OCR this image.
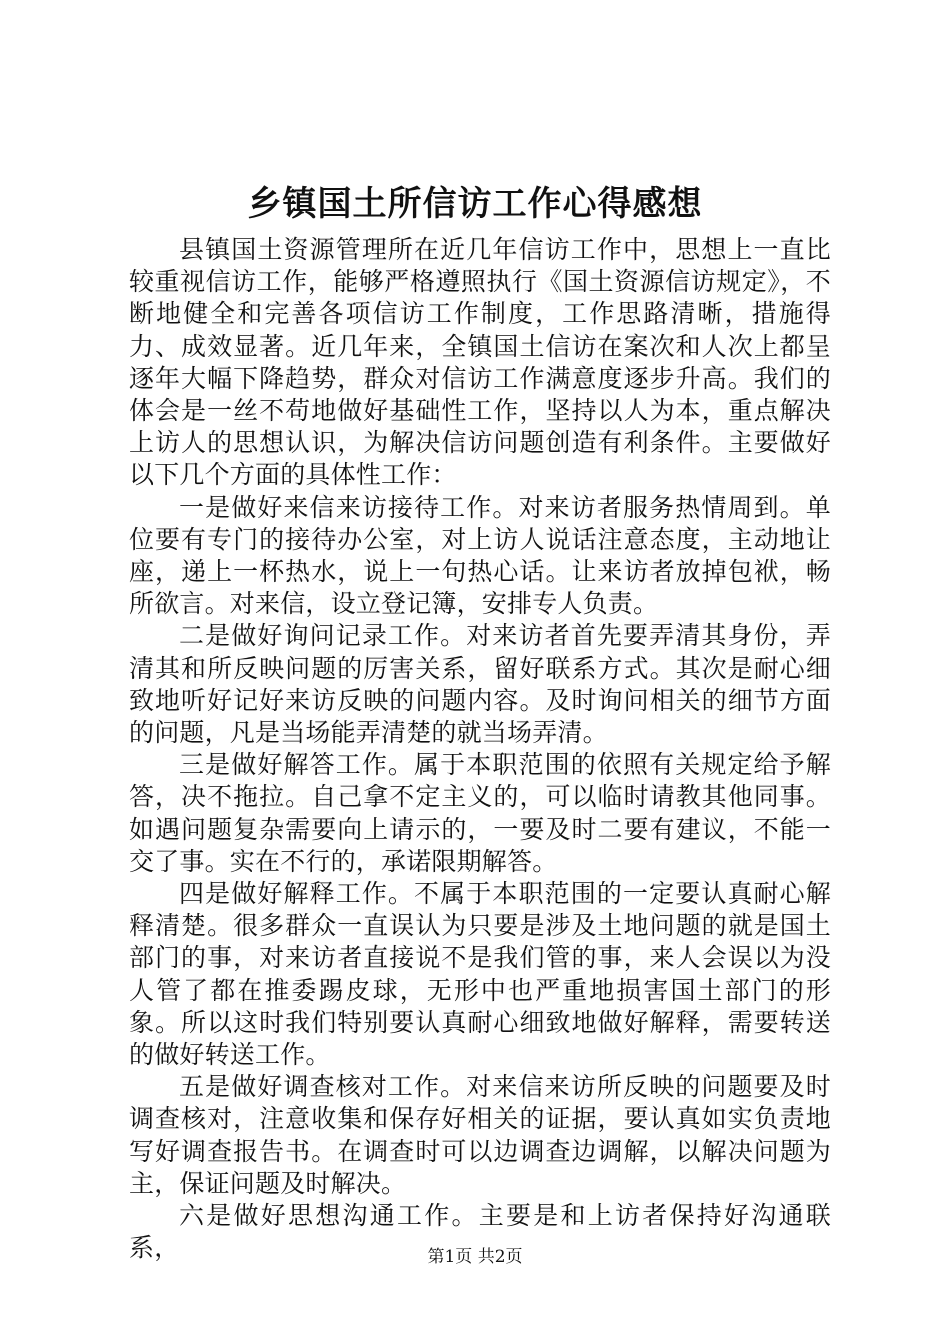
乡镇国土所信访工作心得感想

县镇国土资源管理所在近几年信访工作中，思想上一直比较重视信访工作，能够严格遵照执行《国土资源信访规定》，不断地健全和完善各项信访工作制度，工作思路清晰，措施得力、成效显著。近几年来，全镇国土信访在案次和人次上都呈逐年大幅下降趋势，群众对信访工作满意度逐步升高。我们的体会是一丝不苟地做好基础性工作，坚持以人为本，重点解决上访人的思想认识，为解决信访问题创造有利条件。主要做好以下几个方面的具体性工作：

一是做好来信来访接待工作。对来访者服务热情周到。单位要有专门的接待办公室，对上访人说话注意态度，主动地让座，递上一杯热水，说上一句热心话。让来访者放掉包袱，畅所欲言。对来信，设立登记簿，安排专人负责。

二是做好询问记录工作。对来访者首先要弄清其身份，弄清其和所反映问题的厉害关系，留好联系方式。其次是耐心细致地听好记好来访反映的问题内容。及时询问相关的细节方面的问题，凡是当场能弄清楚的就当场弄清。

三是做好解答工作。属于本职范围的依照有关规定给予解答，决不拖拉。自己拿不定主义的，可以临时请教其他同事。如遇问题复杂需要向上请示的，一要及时二要有建议，不能一交了事。实在不行的，承诺限期解答。

四是做好解释工作。不属于本职范围的一定要认真耐心解释清楚。很多群众一直误认为只要是涉及土地问题的就是国土部门的事，对来访者直接说不是我们管的事，来人会误以为没人管了都在推委踢皮球，无形中也严重地损害国土部门的形象。所以这时我们特别要认真耐心细致地做好解释，需要转送的做好转送工作。

五是做好调查核对工作。对来信来访所反映的问题要及时调查核对，注意收集和保存好相关的证据，要认真如实负责地写好调查报告书。在调查时可以边调查边调解，以解决问题为主，保证问题及时解决。

六是做好思想沟通工作。主要是和上访者保持好沟通联系，	第1页 共2页
